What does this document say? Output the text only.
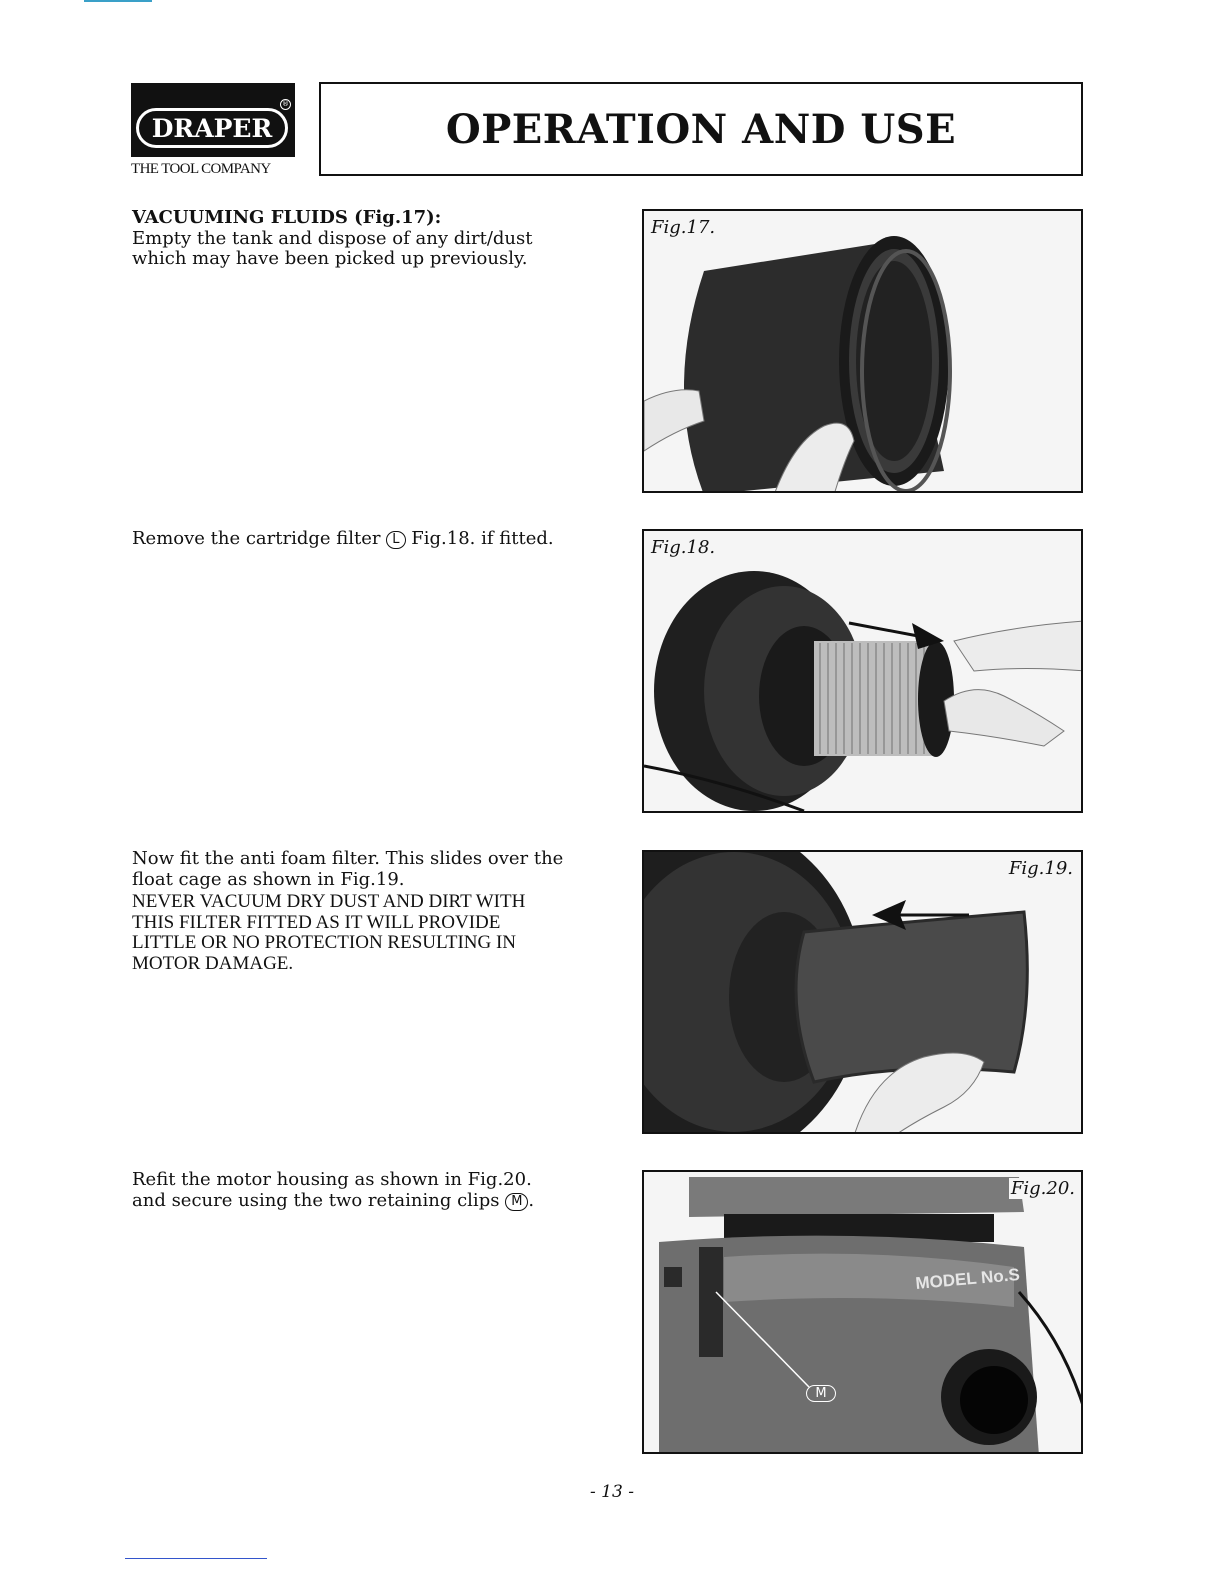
®
DRAPER
THE TOOL COMPANY
OPERATION AND USE
VACUUMING FLUIDS (Fig.17):
Empty the tank and dispose of any dirt/dust which may have been picked up previously.
Fig.17.
Remove the cartridge filter L Fig.18. if fitted.	Fig.18.
Now fit the anti foam filter. This slides over the float cage as shown in Fig.19.
NEVER VACUUM DRY DUST AND DIRT WITH THIS FILTER FITTED AS IT WILL PROVIDE LITTLE OR NO PROTECTION RESULTING IN MOTOR DAMAGE.
Fig.19.
Refit the motor housing as shown in Fig.20.
and secure using the two retaining clips M .
MODEL No.S
M
Fig.20.
- 13 -
